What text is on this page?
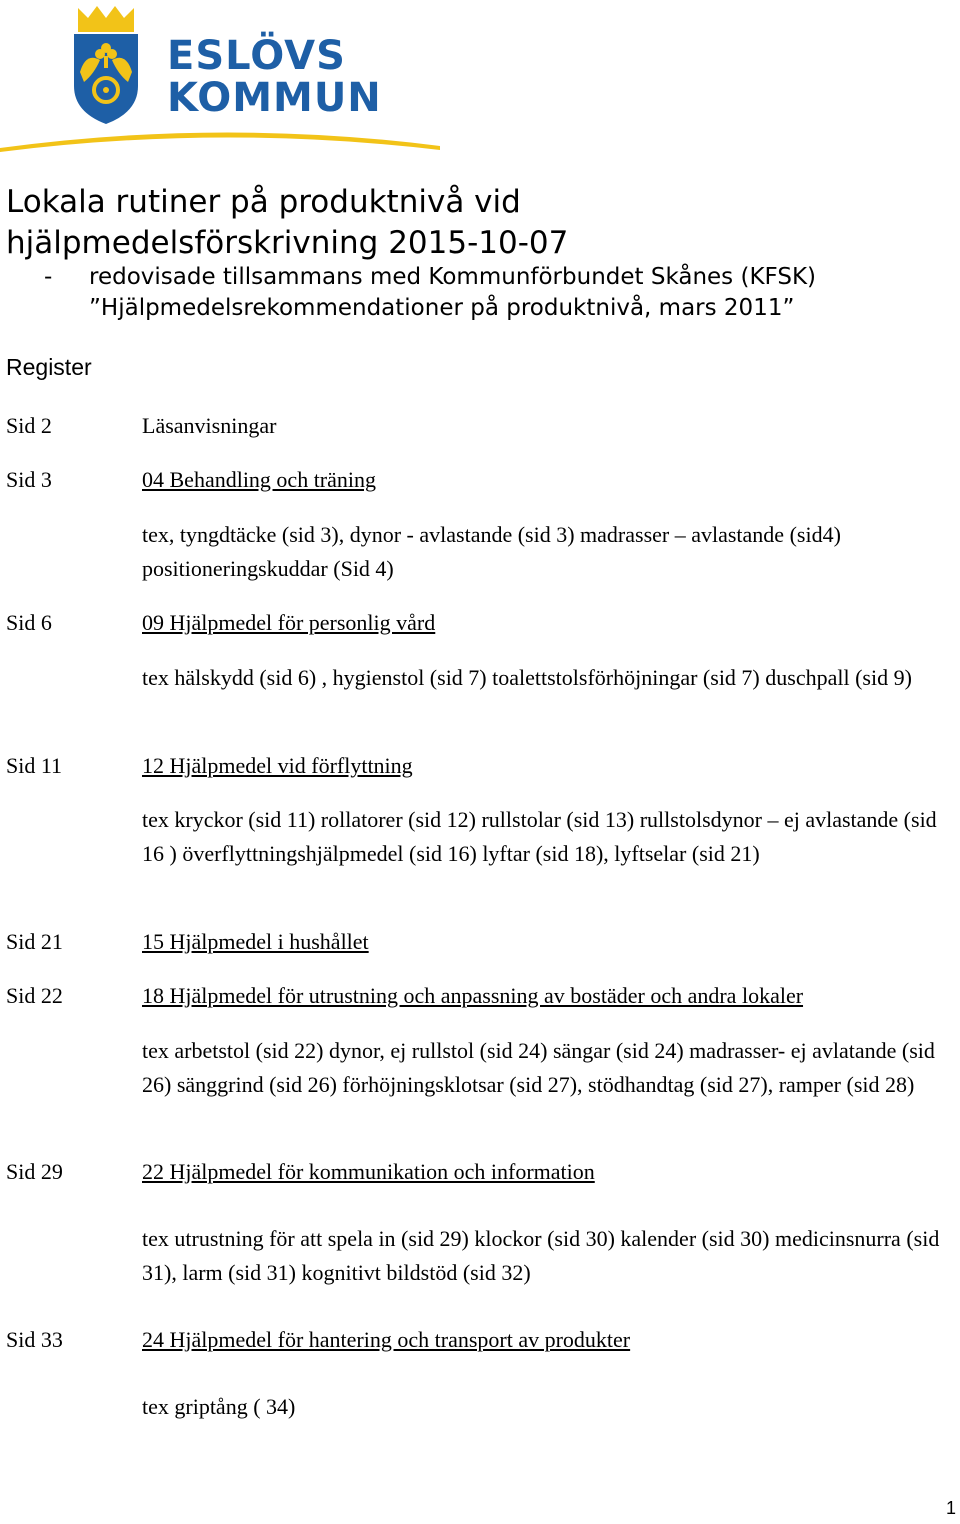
ESLÖVS
KOMMUN
Lokala rutiner på produktnivå vid
hjälpmedelsförskrivning 2015-10-07
- redovisade tillsammans med Kommunförbundet Skånes (KFSK)
”Hjälpmedelsrekommendationer på produktnivå, mars 2011”
Register
Sid 2	Läsanvisningar
Sid 3	04 Behandling och träning
tex, tyngdtäcke (sid 3), dynor - avlastande (sid 3) madrasser – avlastande (sid4) positioneringskuddar (Sid 4)
Sid 6	09 Hjälpmedel för personlig vård
tex hälskydd (sid 6) , hygienstol (sid 7) toalettstolsförhöjningar (sid 7) duschpall (sid 9)
Sid 11	12 Hjälpmedel vid förflyttning
tex kryckor (sid 11) rollatorer (sid 12) rullstolar (sid 13) rullstolsdynor – ej avlastande (sid 16 ) överflyttningshjälpmedel (sid 16) lyftar (sid 18), lyftselar (sid 21)
Sid 21	15 Hjälpmedel i hushållet
Sid 22	18 Hjälpmedel för utrustning och anpassning av bostäder och andra lokaler
tex arbetstol (sid 22) dynor, ej rullstol (sid 24) sängar (sid 24) madrasser- ej avlatande (sid 26) sänggrind (sid 26) förhöjningsklotsar (sid 27), stödhandtag (sid 27), ramper (sid 28)
Sid 29	22 Hjälpmedel för kommunikation och information
tex utrustning för att spela in (sid 29) klockor (sid 30) kalender (sid 30) medicinsnurra (sid 31), larm (sid 31) kognitivt bildstöd (sid 32)
Sid 33	24 Hjälpmedel för hantering och transport av produkter
tex griptång ( 34)
1
